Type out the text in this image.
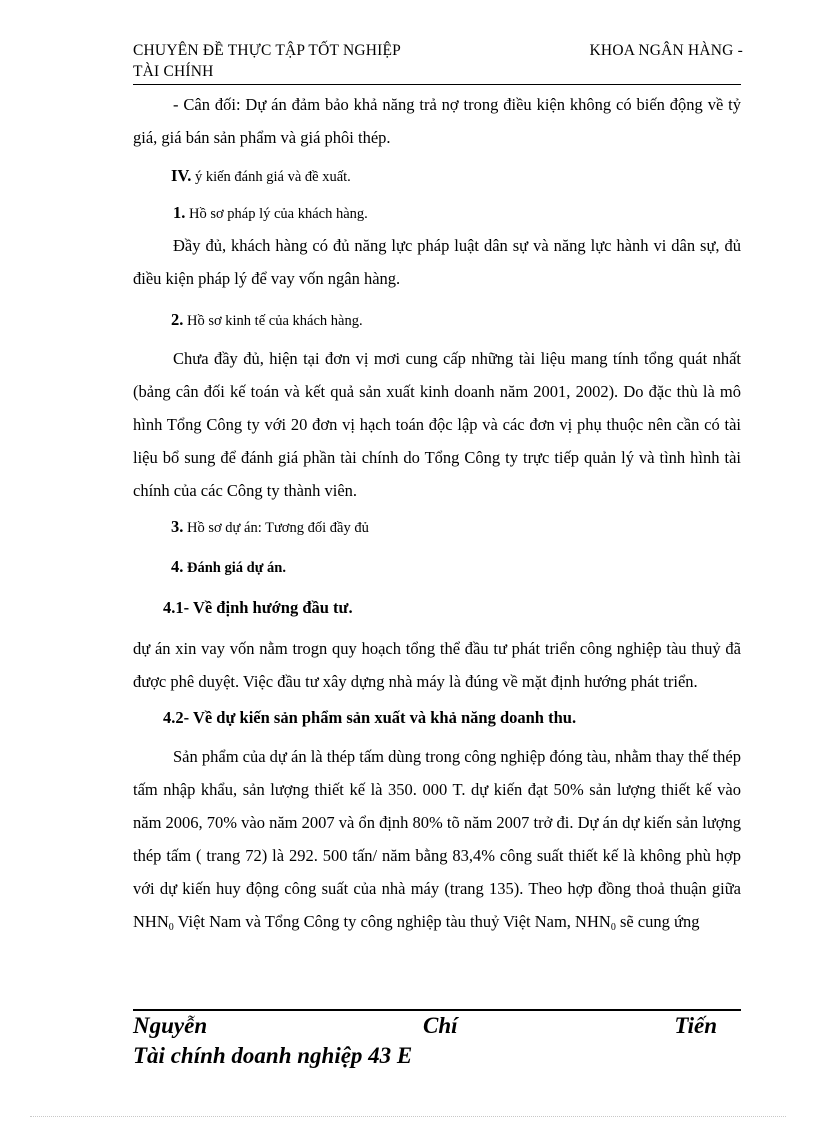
CHUYÊN ĐỀ THỰC TẬP TỐT NGHIỆP	KHOA NGÂN HÀNG -
TÀI CHÍNH

- Cân đối: Dự án đảm bảo khả năng trả nợ trong điều kiện không có biến động về tỷ giá, giá bán sản phẩm và giá phôi thép.

IV. ý kiến đánh giá và đề xuất.
1. Hồ sơ pháp lý của khách hàng.

Đầy đủ, khách hàng có đủ năng lực pháp luật dân sự và năng lực hành vi dân sự, đủ điều kiện pháp lý để vay vốn ngân hàng.

2. Hồ sơ kinh tế của khách hàng.

Chưa đầy đủ, hiện tại đơn vị mơi cung cấp những tài liệu mang tính tổng quát nhất (bảng cân đối kế toán và kết quả sản xuất kinh doanh năm 2001, 2002). Do đặc thù là mô hình Tổng Công ty với 20 đơn vị hạch toán độc lập và các đơn vị phụ thuộc nên cần có tài liệu bổ sung để đánh giá phần tài chính do Tổng Công ty trực tiếp quản lý và tình hình tài chính của các Công ty thành viên.

3. Hồ sơ dự án: Tương đối đầy đủ
4. Đánh giá dự án.
4.1- Về định hướng đầu tư.

dự án xin vay vốn nằm trogn quy hoạch tổng thể đầu tư phát triển công nghiệp tàu thuỷ đã được phê duyệt. Việc đầu tư xây dựng nhà máy là đúng về mặt định hướng phát triển.

4.2- Về dự kiến sản phẩm sản xuất và khả năng doanh thu.

Sản phẩm của dự án là thép tấm dùng trong công nghiệp đóng tàu, nhằm thay thế thép tấm nhập khẩu, sản lượng thiết kế là 350. 000 T. dự kiến đạt 50% sản lượng thiết kế vào năm 2006, 70% vào năm 2007 và ổn định 80% tõ năm 2007 trở đi. Dự án dự kiến sản lượng thép tấm ( trang 72) là 292. 500 tấn/ năm bằng 83,4% công suất thiết kế là không phù hợp với dự kiến huy động công suất của nhà máy (trang 135). Theo hợp đồng thoả thuận giữa $NHN_0$ Việt Nam và Tổng Công ty công nghiệp tàu thuỷ Việt Nam, $NHN_0$ sẽ cung ứng

Nguyễn	Chí	Tiến
Tài chính doanh nghiệp 43 E
